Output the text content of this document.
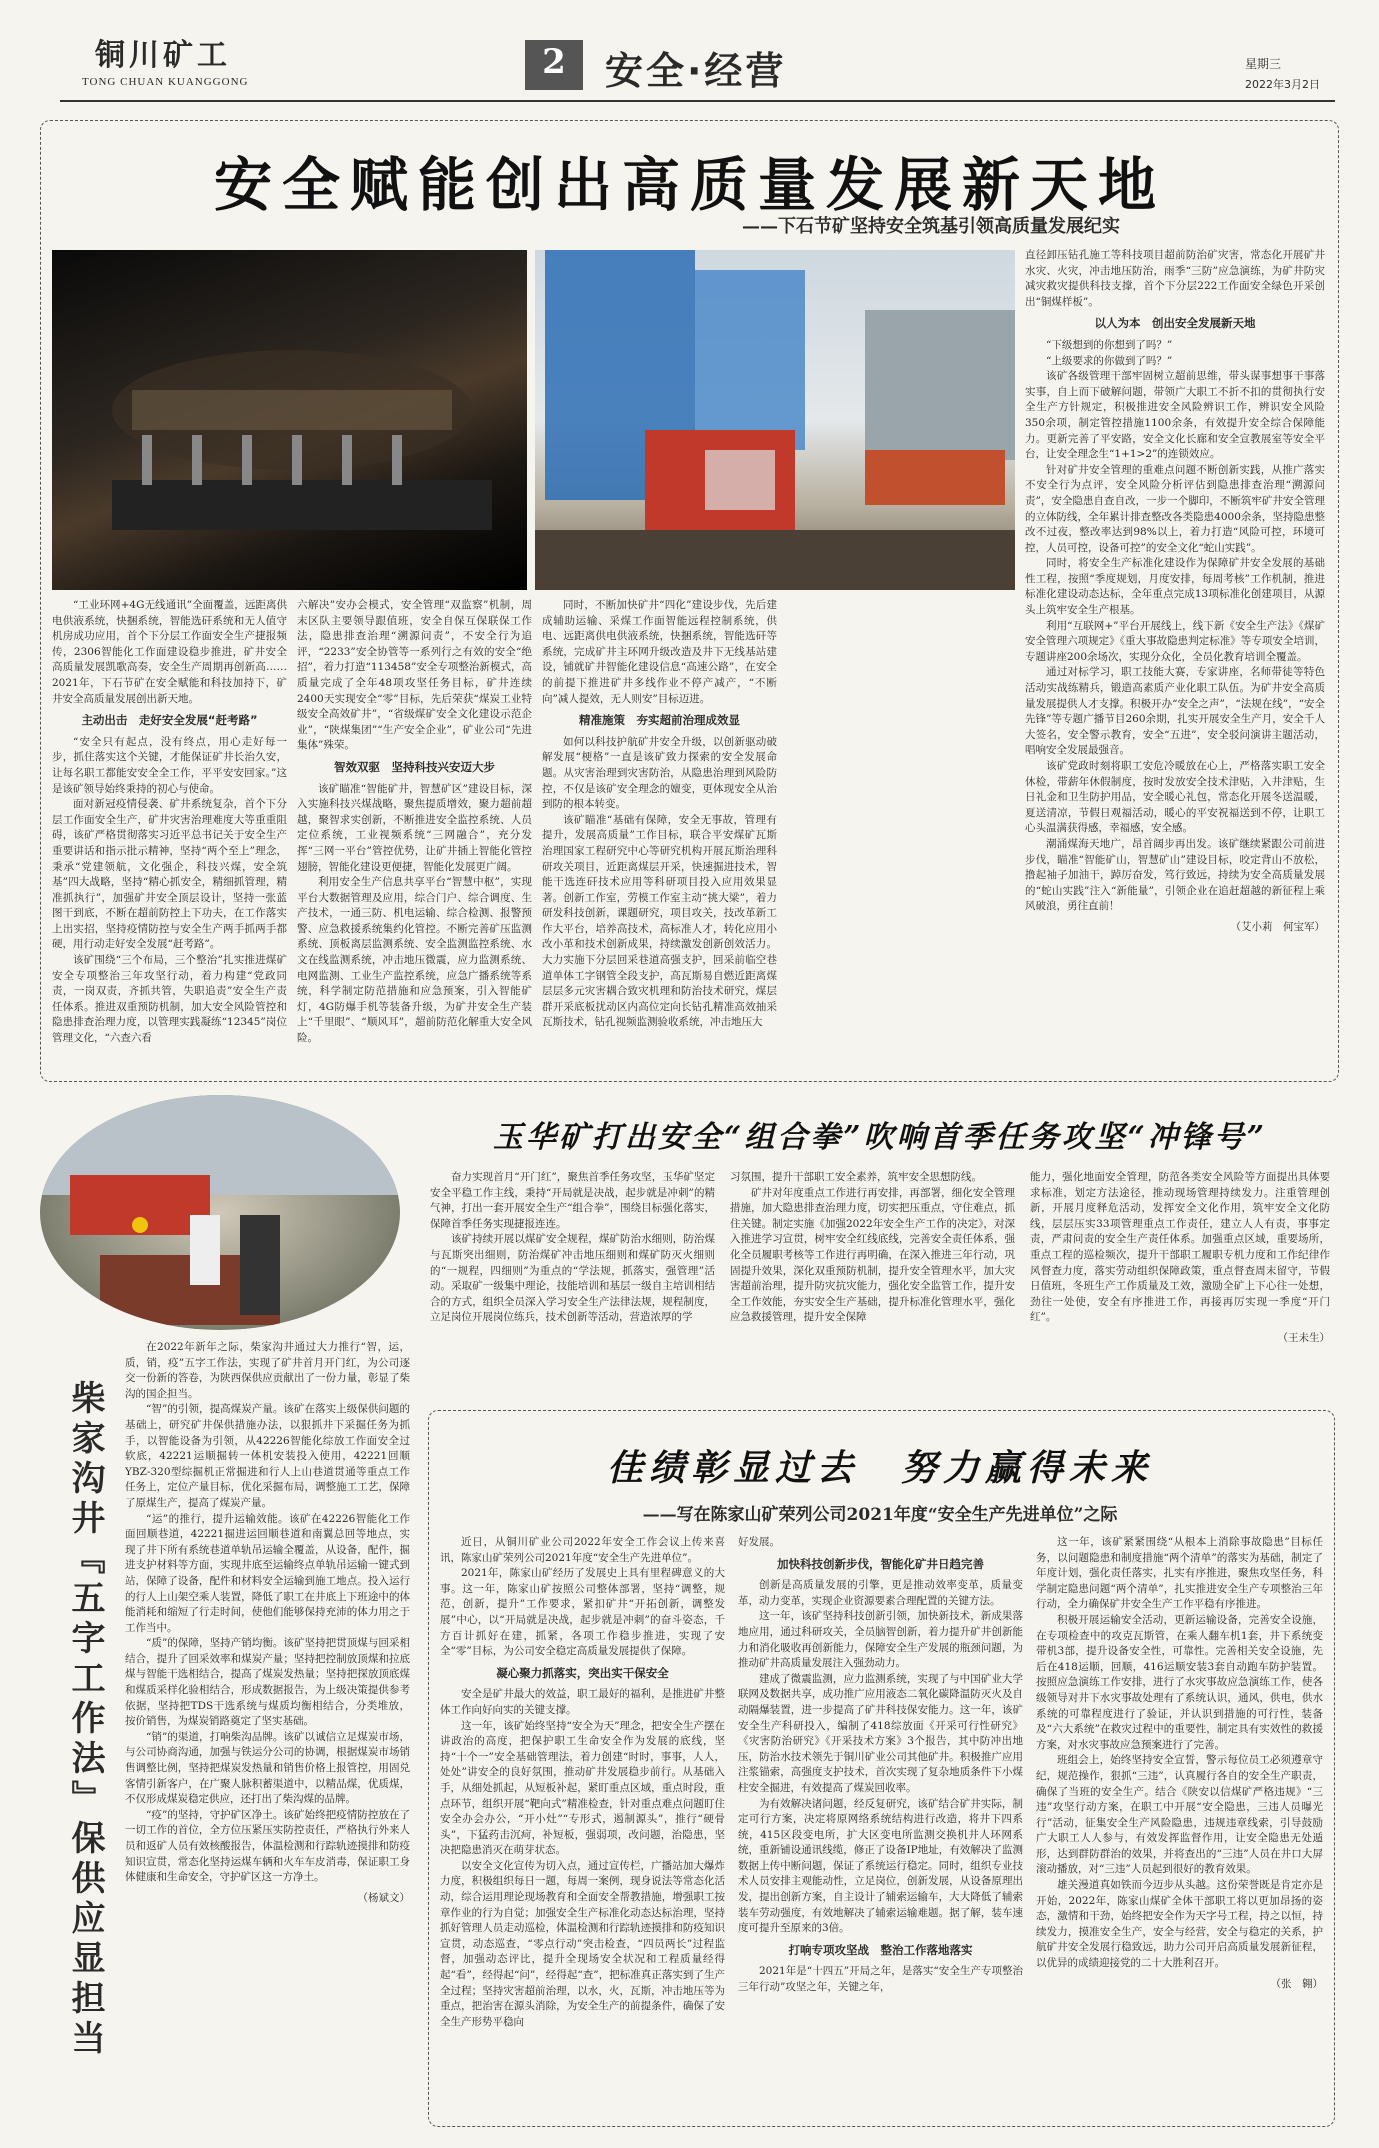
铜川矿工
TONG CHUAN KUANGGONG	2	安全·经营	星期三
2022年3月2日
安全赋能创出高质量发展新天地
——下石节矿坚持安全筑基引领高质量发展纪实

“工业环网+4G无线通讯”全面覆盖，远距离供电供液系统，快捆系统，智能选矸系统和无人值守机房成功应用，首个下分层工作面安全生产捷报频传，2306智能化工作面建设稳步推进，矿井安全高质量发展凯歌高奏，安全生产周期再创新高……2021年，下石节矿在安全赋能和科技加持下，矿井安全高质量发展创出新天地。

主动出击　走好安全发展“赶考路”

“安全只有起点，没有终点，用心走好每一步，抓住落实这个关键，才能保证矿井长治久安，让每名职工都能安安全全工作，平平安安回家。”这是该矿领导始终秉持的初心与使命。

面对新冠疫情侵袭、矿井系统复杂，首个下分层工作面安全生产，矿井灾害治理难度大等重重阻碍，该矿严格贯彻落实习近平总书记关于安全生产重要讲话和指示批示精神，坚持“两个至上”理念，秉承“党建领航，文化强企，科技兴煤，安全筑基”四大战略，坚持“精心抓安全，精细抓管理，精准抓执行”，加强矿井安全顶层设计，坚持一张蓝图干到底，不断在超前防控上下功夫，在工作落实上出实招，坚持疫情防控与安全生产两手抓两手都硬，用行动走好安全发展“赶考路”。

该矿围绕“三个布局，三个整治”扎实推进煤矿安全专项整治三年攻坚行动，着力构建“党政同责，一岗双责，齐抓共管，失职追责”安全生产责任体系。推进双重预防机制，加大安全风险管控和隐患排查治理力度，以管理实践凝练“12345”岗位管理文化，“六查六看

六解决”安办会模式，安全管理“双监察”机制，周末区队主要领导跟值班，安全自保互保联保工作法，隐患排查治理“溯源问责”，不安全行为追评，“2233”安全协管等一系列行之有效的安全“绝招”，着力打造“113458”安全专项整治新模式，高质量完成了全年48项攻坚任务目标，矿井连续2400天实现安全“零”目标，先后荣获“煤炭工业特级安全高效矿井”，“省级煤矿安全文化建设示范企业”，“陕煤集团”“生产安全企业”，矿业公司“先进集体”殊荣。

智效双驱　坚持科技兴安迈大步

该矿瞄准“智能矿井，智慧矿区”建设目标，深入实施科技兴煤战略，聚焦提质增效，聚力超前超越，聚智求实创新，不断推进安全监控系统、人员定位系统，工业视频系统“三网融合”，充分发挥“三网一平台”管控优势，让矿井插上智能化管控翅膀，智能化建设更便捷，智能化发展更广阔。

利用安全生产信息共享平台“智慧中枢”，实现平台大数据管理及应用，综合门户、综合调度、生产技术，一通三防、机电运输、综合检测、报警预警、应急救援系统集约化管控。不断完善矿压监测系统、顶板离层监测系统、安全监测监控系统、水文在线监测系统，冲击地压微震，应力监测系统、电网监测、工业生产监控系统，应急广播系统等系统，科学制定防范措施和应急预案，引入智能矿灯，4G防爆手机等装备升级，为矿井安全生产装上“千里眼”、“顺风耳”，超前防范化解重大安全风险。

同时，不断加快矿井“四化”建设步伐，先后建成辅助运输、采煤工作面智能远程控制系统，供电、远距离供电供液系统，快捆系统，智能选矸等系统，完成矿井主环网升级改造及井下无线基站建设，铺就矿井智能化建设信息“高速公路”，在安全的前提下推进矿井多线作业不停产减产，“不断向”减人提效，无人则安”目标迈进。

精准施策　夯实超前治理成效显

如何以科技护航矿井安全升级，以创新驱动破解发展“梗格”一直是该矿致力探索的安全发展命题。从灾害治理到灾害防治，从隐患治理到风险防控，不仅是该矿安全理念的嬗变，更体现安全从治到防的根本转变。

该矿瞄准“基础有保障，安全无事故，管理有提升，发展高质量”工作目标，联合平安煤矿瓦斯治理国家工程研究中心等研究机构开展瓦斯治理科研攻关项目，近距离煤层开采，快速掘进技术，智能干选连矸技术应用等科研项目投入应用效果显著。创新工作室，劳模工作室主动“挑大梁”，着力研发科技创新，课题研究，项目攻关，技改革新工作大平台，培养高技术，高标准人才，转化应用小改小革和技术创新成果，持续激发创新创效活力。大力实施下分层回采巷道高强支护，回采前临空巷道单体工字钢管全段支护，高瓦斯易自燃近距离煤层层多元灾害耦合致灾机理和防治技术研究，煤层群开采底板扰动区内高位定向长钻孔精准高效抽采瓦斯技术，钻孔视频监测验收系统，冲击地压大

直径卸压钻孔施工等科技项目超前防治矿灾害，常态化开展矿井水灾、火灾，冲击地压防治，雨季“三防”应急演练，为矿井防灾减灾救灾提供科技支撑，首个下分层222工作面安全绿色开采创出“铜煤样板”。

以人为本　创出安全发展新天地

“下级想到的你想到了吗？”

“上级要求的你做到了吗？”

该矿各级管理干部牢固树立超前思维，带头谋事想事干事落实事，自上而下破解问题，带领广大职工不折不扣的贯彻执行安全生产方针规定，积极推进安全风险辨识工作，辨识安全风险350余项，制定管控措施1100余条，有效提升安全综合保障能力。更新完善了平安路，安全文化长廊和安全宣教展室等安全平台，让安全理念生“1+1>2”的连锁效应。

针对矿井安全管理的重难点问题不断创新实践，从推广落实不安全行为点评，安全风险分析评估到隐患排查治理“溯源问责”，安全隐患自查自改，一步一个脚印，不断筑牢矿井安全管理的立体防线，全年累计排查整改各类隐患4000余条，坚持隐患整改不过夜，整改率达到98%以上，着力打造“风险可控，环境可控，人员可控，设备可控”的安全文化“蛇山实践”。

同时，将安全生产标准化建设作为保障矿井安全发展的基础性工程，按照“季度规划，月度安排，每周考核”工作机制，推进标准化建设动态达标，全年重点完成13项标准化创建项目，从源头上筑牢安全生产根基。

利用“互联网+”平台开展线上，线下新《安全生产法》《煤矿安全管理六项规定》《重大事故隐患判定标准》等专项安全培训，专题讲座200余场次，实现分众化，全员化教育培训全覆盖。

通过对标学习，职工技能大赛，专家讲座，名师带徒等特色活动实战练精兵，锻造高素质产业化职工队伍。为矿井安全高质量发展提供人才支撑。积极开办“安全之声”，“法规在线”，“安全先锋”等专题广播节目260余期，扎实开展安全生产月，安全千人大签名，安全警示教育，安全“五进”，安全驳问演讲主题活动，唱响安全发展最强音。

该矿党政时刻将职工安危冷暖放在心上，严格落实职工安全休检，带薪年休假制度，按时发放安全技术津贴，入井津贴，生日礼金和卫生防护用品，安全暖心礼包，常态化开展冬送温暖，夏送清凉，节假日观福活动，暖心的平安祝福送到不停，让职工心头温满获得感，幸福感，安全感。

潮涌煤海天地广，昂首阔步再出发。该矿继续紧跟公司前进步伐，瞄准“智能矿山，智慧矿山”建设目标，咬定背山不放松，撸起袖子加油干，踔厉奋发，笃行致远，持续为安全高质量发展的“蛇山实践”注入“新能量”，引领企业在追赶超越的新征程上乘风破浪，勇往直前！

（艾小莉　何宝军）
玉华矿打出安全“组合拳”吹响首季任务攻坚“冲锋号”

奋力实现首月“开门红”，聚焦首季任务攻坚，玉华矿坚定安全平稳工作主线，秉持“开局就是决战，起步就是冲刺”的精气神，打出一套开展安全生产“组合拳”，围绕目标强化落实，保障首季任务实现捷报连连。

该矿持续开展以煤矿安全规程，煤矿防治水细则，防治煤与瓦斯突出细则，防治煤矿冲击地压细则和煤矿防灭火细则的“一规程，四细则”为重点的“学法规，抓落实，强管理”活动。采取矿一级集中理论，技能培训和基层一级自主培训相结合的方式，组织全员深入学习安全生产法律法规，规程制度，立足岗位开展岗位练兵，技术创新等活动，营造浓厚的学

习氛围，提升干部职工安全素养，筑牢安全思想防线。

矿井对年度重点工作进行再安排，再部署，细化安全管理措施，加大隐患排查治理力度，切实把压重点，守住难点，抓住关键。制定实施《加强2022年安全生产工作的决定》，对深入推进学习宣贯，树牢安全红线底线，完善安全责任体系，强化全员履职考核等工作进行再明确，在深入推进三年行动，巩固提升效果，深化双重预防机制，提升安全管理水平，加大灾害超前治理，提升防灾抗灾能力，强化安全监管工作，提升安全工作效能，夯实安全生产基础，提升标准化管理水平，强化应急救援管理，提升安全保障

能力，强化地面安全管理，防范各类安全风险等方面提出具体要求标准，划定方法途径，推动现场管理持续发力。注重管理创新，开展月度释危活动，发挥安全文化作用，筑牢安全文化防线，层层压实33项管理重点工作责任，建立人人有责，事事定责，严肃问责的安全生产责任体系。加强重点区域，重要场所，重点工程的巡检频次，提升干部职工履职专机力度和工作纪律作风督查力度，落实劳动组织保障政策，重点督查周末留守，节假日值班，冬班生产工作质量及工效，激励全矿上下心往一处想，劲往一处使，安全有序推进工作，再接再厉实现一季度“开门红”。

（王未生）
柴家沟井『五字工作法』保供应显担当

在2022年新年之际，柴家沟井通过大力推行“智，运，质，销，疫”五字工作法，实现了矿井首月开门红，为公司逐交一份新的答卷，为陕西保供应贡献出了一份力量，彰显了柴沟的国企担当。

“智”的引领，提高煤炭产量。该矿在落实上级保供问题的基础上，研究矿井保供措施办法，以狠抓井下采掘任务为抓手，以智能设备为引领，从42226智能化综放工作面安全过软底，42221运顺掘转一体机安装投入使用，42221回顺YBZ-320型综掘机正常掘进和行人上山巷道贯通等重点工作任务上，定位产量目标，优化采掘布局，调整施工工艺，保障了原煤生产，提高了煤炭产量。

“运”的推行，提升运输效能。该矿在42226智能化工作面回顺巷道，42221掘进运回顺巷道和南翼总回等地点，实现了井下所有系统巷道单轨吊运输全覆盖，从设备，配件，掘进支护材料等方面，实现井底至运输终点单轨吊运输一键式到站，保障了设备，配件和材料安全运输到施工地点。投入运行的行人上山架空乘人装置，降低了职工在井底上下班途中的体能消耗和缩短了行走时间，使他们能够保持充沛的体力用之于工作当中。

“质”的保障，坚持产销均衡。该矿坚持把贯顶煤与回采相结合，提升了回采效率和煤炭产量；坚持把控制放顶煤和拉底煤与智能干选相结合，提高了煤炭发热量；坚持把探放顶底煤和煤质采样化验相结合，形成数据报告，为上级决策提供参考依据，坚持把TDS干选系统与煤质均衡相结合，分类堆放，按价销售，为煤炭销路奠定了坚实基础。

“销”的渠道，打响柴沟品牌。该矿以诚信立足煤炭市场，与公司协商沟通，加强与铁运分公司的协调，根据煤炭市场销售调整比例，坚持把煤炭发热量和销售价格上报管控，用固兑客情引新客户，在广聚人脉积蓄渠道中，以精品煤，优质煤，不仅形成煤炭稳定供应，还打出了柴沟煤的品牌。

“疫”的坚持，守护矿区净土。该矿始终把疫情防控放在了一切工作的首位，全方位压紧压实防控责任，严格执行外来人员和返矿人员有效核酸报告，体温检测和行踪轨迹摸排和防疫知识宣贯，常态化坚持运煤车辆和火车车皮消毒，保证职工身体健康和生命安全，守护矿区这一方净土。

（杨斌文）
佳绩彰显过去　努力赢得未来
——写在陈家山矿荣列公司2021年度“安全生产先进单位”之际

近日，从铜川矿业公司2022年安全工作会议上传来喜讯，陈家山矿荣列公司2021年度“安全生产先进单位”。

2021年，陈家山矿经历了发展史上具有里程碑意义的大事。这一年，陈家山矿按照公司整体部署，坚持“调整，规范，创新，提升”工作要求，紧扣矿井“开拓创新，调整发展”中心，以“开局就是决战，起步就是冲刺”的奋斗姿态，千方百计抓好在建，抓紧，各项工作稳步推进，实现了安全“零”目标，为公司安全稳定高质量发展提供了保障。

凝心聚力抓落实，突出实干保安全

安全是矿井最大的效益，职工最好的福利，是推进矿井整体工作向好向实的关键支撑。

这一年，该矿始终坚持“安全为天”理念，把安全生产摆在讲政治的高度，把保护职工生命安全作为发展的底线，坚持“十个一”安全基础管理法，着力创建“时时，事事，人人，处处”讲安全的良好氛围，推动矿井发展稳步前行。从基础入手，从细处抓起，从短板补起，紧盯重点区域，重点时段，重点环节，组织开展“靶向式”精准检查，针对重点难点问题盯住安全办会办公，“开小灶”“专形式，遏制源头”，推行“硬骨头”，下猛药击沉疴，补短板，强弱项，改问题，治隐患，坚决把隐患消灭在萌芽状态。

以安全文化宣传为切入点，通过宣传栏，广播站加大爆炸力度，积极组织每日一题，每周一案例，现身说法等常态化活动，综合运用理论现场教育和全面安全帮教措施，增强职工按章作业的行为自觉；加强安全生产标准化动态达标治理，坚持抓好管理人员走动巡检，体温检测和行踪轨迹摸排和防疫知识宣贯，动态巡查，“零点行动”突击检查，“四员两长”过程监督，加强动态评比，提升全现场安全状况和工程质量经得起“看”，经得起“问”，经得起“查”，把标准真正落实到了生产全过程；坚持灾害超前治理，以水，火，瓦斯，冲击地压等为重点，把治害在源头消除，为安全生产的前提条件，确保了安全生产形势平稳向

好发展。

加快科技创新步伐，智能化矿井日趋完善

创新是高质量发展的引擎，更是推动效率变革，质量变革，动力变革，实现企业资源要素合理配置的关键方法。

这一年，该矿坚持科技创新引领，加快新技术，新成果落地应用，通过科研攻关，全员脑智创新，着力提升矿井创新能力和消化吸收再创新能力，保障安全生产发展的瓶颈问题，为推动矿井高质量发展注入强劲动力。

建成了微震监测，应力监测系统，实现了与中国矿业大学联网及数据共享，成功推广应用液态二氧化碳降温防灭火及自动隔爆装置，进一步提高了矿井科技保安能力。这一年，该矿安全生产科研投入，编制了418综放面《开采可行性研究》《灾害防治研究》《开采技术方案》3个报告，其中防冲出地压，防治水技术领先于铜川矿业公司其他矿井。积极推广应用注浆锚索，高强度支护技术，首次实现了复杂地质条件下小煤柱安全掘进，有效提高了煤炭回收率。

为有效解决诸问题，经反复研究，该矿结合矿井实际，制定可行方案，决定将原网络系统结构进行改造，将井下四系统，415区段变电所，扩大区变电所监测交换机井人环网系统，重新铺设通讯线缆，修正了设备IP地址，有效解决了监测数据上传中断问题，保证了系统运行稳定。同时，组织专业技术人员安排主观能动性，立足岗位，创新发展，从设备原理出发，提出创新方案，自主设计了辅索运输车，大大降低了辅索装车劳动强度，有效地解决了辅索运输难题。据了解，装车速度可提升至原来的3倍。

打响专项攻坚战　整治工作落地落实

2021年是“十四五”开局之年，是落实“安全生产专项整治三年行动”攻坚之年，关键之年，

这一年，该矿紧紧围绕“从根本上消除事故隐患”目标任务，以问题隐患和制度措施“两个清单”的落实为基础，制定了年度计划，强化责任落实，扎实有序推进，聚焦攻坚任务，科学制定隐患问题“两个清单”，扎实推进安全生产专项整治三年行动，全力确保矿井安全生产工作平稳有序推进。

积极开展运输安全活动，更新运输设备，完善安全设施，在专项检查中的攻克瓦斯管，在乘人翻车机1套，井下系统变带机3部，提升设备安全性，可靠性。完善相关安全设施，先后在418运顺，回顺，416运顺安装3套自动跑车防护装置。按照应急演练工作安排，进行了水灾事故应急演练工作，使各级领导对井下水灾事故处理有了系统认识，通风，供电，供水系统的可靠程度进行了验证，并认识到措施的可行性，装备及“六大系统”在救灾过程中的重要性，制定具有实效性的救援方案，对水灾事故应急预案进行了完善。

班组会上，始终坚持安全宣誓，警示每位员工必须遵章守纪，规范操作，狠抓“三违”，认真履行各自的安全生产职责，确保了当班的安全生产。结合《陕安以信煤矿严格违规》“三违”攻坚行动方案，在职工中开展“安全隐患，三违人员曝光行”活动，征集安全生产风险隐患，违规违章线索，引导鼓励广大职工人人参与，有效发挥监督作用，让安全隐患无处遁形，达到群防群治的效果，并将查出的“三违”人员在井口大屏滚动播放，对“三违”人员起到很好的教育效果。

雄关漫道真如铁而今迈步从头越。这份荣誉既是肯定亦是开始，2022年，陈家山煤矿全体干部职工将以更加昂扬的姿态，激情和干劲，始终把安全作为天字号工程，持之以恒，持续发力，摸准安全生产，安全与经营，安全与稳定的关系，护航矿井安全发展行稳致远，助力公司开启高质量发展新征程，以优异的成绩迎接党的二十大胜利召开。

（张　翱）
